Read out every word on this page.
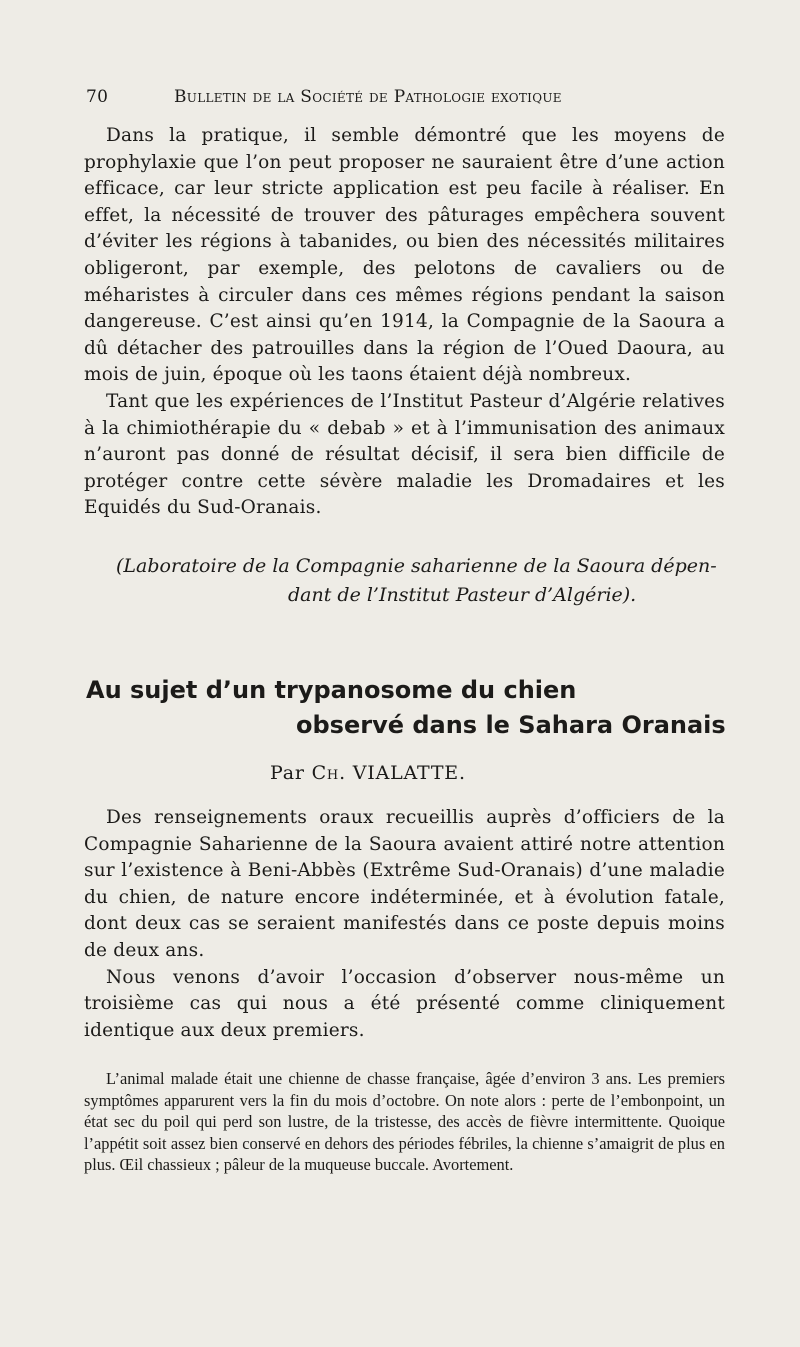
70	Bulletin de la Société de Pathologie exotique

Dans la pratique, il semble démontré que les moyens de prophylaxie que l’on peut proposer ne sauraient être d’une action efficace, car leur stricte application est peu facile à réaliser. En effet, la nécessité de trouver des pâturages empêchera souvent d’éviter les régions à tabanides, ou bien des nécessités militaires obligeront, par exemple, des pelotons de cavaliers ou de méharistes à circuler dans ces mêmes régions pendant la saison dangereuse. C’est ainsi qu’en 1914, la Compagnie de la Saoura a dû détacher des patrouilles dans la région de l’Oued Daoura, au mois de juin, époque où les taons étaient déjà nombreux.

Tant que les expériences de l’Institut Pasteur d’Algérie relatives à la chimiothérapie du « debab » et à l’immunisation des animaux n’auront pas donné de résultat décisif, il sera bien difficile de protéger contre cette sévère maladie les Dromadaires et les Equidés du Sud-Oranais.

(Laboratoire de la Compagnie saharienne de la Saoura dépen-
dant de l’Institut Pasteur d’Algérie).
Au sujet d’un trypanosome du chien
observé dans le Sahara Oranais
Par Ch. VIALATTE.

Des renseignements oraux recueillis auprès d’officiers de la Compagnie Saharienne de la Saoura avaient attiré notre attention sur l’existence à Beni-Abbès (Extrême Sud-Oranais) d’une maladie du chien, de nature encore indéterminée, et à évolution fatale, dont deux cas se seraient manifestés dans ce poste depuis moins de deux ans.

Nous venons d’avoir l’occasion d’observer nous-même un troisième cas qui nous a été présenté comme cliniquement identique aux deux premiers.

L’animal malade était une chienne de chasse française, âgée d’environ 3 ans. Les premiers symptômes apparurent vers la fin du mois d’octobre. On note alors : perte de l’embonpoint, un état sec du poil qui perd son lustre, de la tristesse, des accès de fièvre intermittente. Quoique l’appétit soit assez bien conservé en dehors des périodes fébriles, la chienne s’amaigrit de plus en plus. Œil chassieux ; pâleur de la muqueuse buccale. Avortement.
